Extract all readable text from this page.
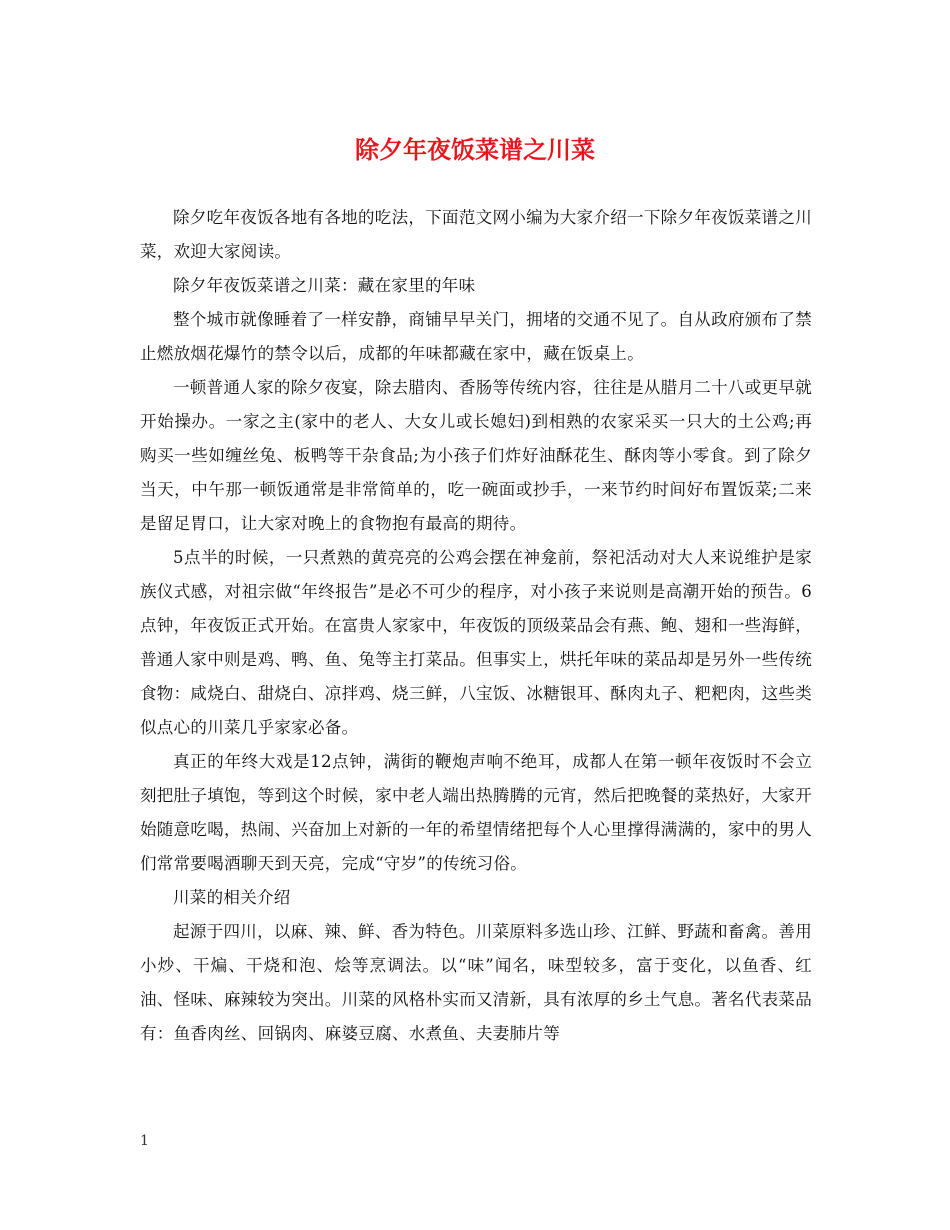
除夕年夜饭菜谱之川菜

除夕吃年夜饭各地有各地的吃法，下面范文网小编为大家介绍一下除夕年夜饭菜谱之川菜，欢迎大家阅读。

除夕年夜饭菜谱之川菜：藏在家里的年味

整个城市就像睡着了一样安静，商铺早早关门，拥堵的交通不见了。自从政府颁布了禁止燃放烟花爆竹的禁令以后，成都的年味都藏在家中，藏在饭桌上。

一顿普通人家的除夕夜宴，除去腊肉、香肠等传统内容，往往是从腊月二十八或更早就开始操办。一家之主(家中的老人、大女儿或长媳妇)到相熟的农家采买一只大的土公鸡;再购买一些如缠丝兔、板鸭等干杂食品;为小孩子们炸好油酥花生、酥肉等小零食。到了除夕当天，中午那一顿饭通常是非常简单的，吃一碗面或抄手，一来节约时间好布置饭菜;二来是留足胃口，让大家对晚上的食物抱有最高的期待。

5点半的时候，一只煮熟的黄亮亮的公鸡会摆在神龛前，祭祀活动对大人来说维护是家族仪式感，对祖宗做“年终报告”是必不可少的程序，对小孩子来说则是高潮开始的预告。6点钟，年夜饭正式开始。在富贵人家家中，年夜饭的顶级菜品会有燕、鲍、翅和一些海鲜，普通人家中则是鸡、鸭、鱼、兔等主打菜品。但事实上，烘托年味的菜品却是另外一些传统食物：咸烧白、甜烧白、凉拌鸡、烧三鲜，八宝饭、冰糖银耳、酥肉丸子、粑粑肉，这些类似点心的川菜几乎家家必备。

真正的年终大戏是12点钟，满街的鞭炮声响不绝耳，成都人在第一顿年夜饭时不会立刻把肚子填饱，等到这个时候，家中老人端出热腾腾的元宵，然后把晚餐的菜热好，大家开始随意吃喝，热闹、兴奋加上对新的一年的希望情绪把每个人心里撑得满满的，家中的男人们常常要喝酒聊天到天亮，完成“守岁”的传统习俗。

川菜的相关介绍

起源于四川，以麻、辣、鲜、香为特色。川菜原料多选山珍、江鲜、野蔬和畜禽。善用小炒、干煸、干烧和泡、烩等烹调法。以“味”闻名，味型较多，富于变化，以鱼香、红油、怪味、麻辣较为突出。川菜的风格朴实而又清新，具有浓厚的乡土气息。著名代表菜品有：鱼香肉丝、回锅肉、麻婆豆腐、水煮鱼、夫妻肺片等

1
